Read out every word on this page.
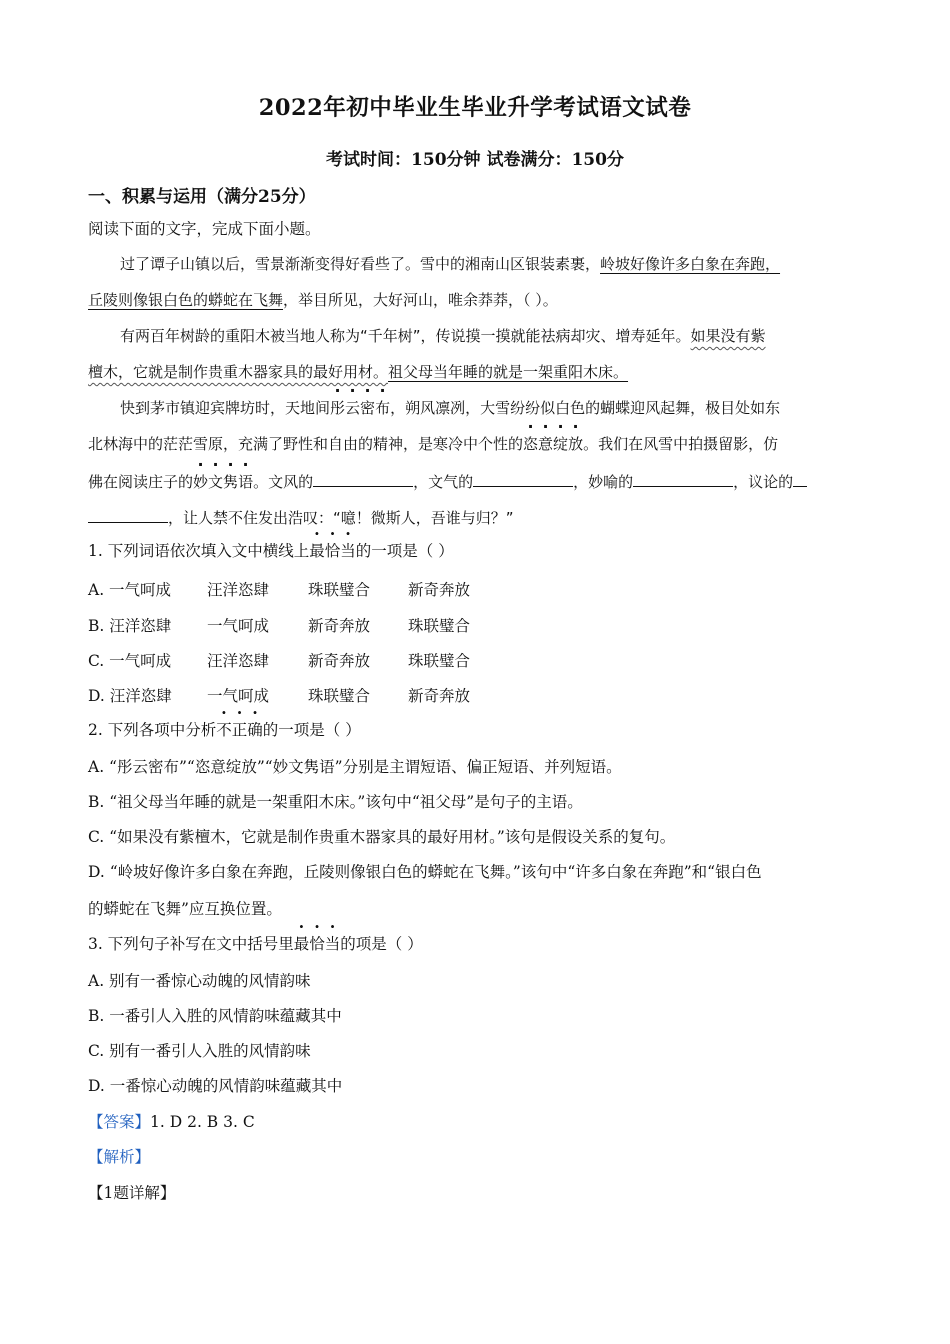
2022年初中毕业生毕业升学考试语文试卷
考试时间：150分钟 试卷满分：150分
一、积累与运用（满分25分）
阅读下面的文字，完成下面小题。
过了谭子山镇以后，雪景渐渐变得好看些了。雪中的湘南山区银装素裹，岭坡好像许多白象在奔跑，
丘陵则像银白色的蟒蛇在飞舞，举目所见，大好河山，唯余莽莽，（ ）。
有两百年树龄的重阳木被当地人称为“千年树”，传说摸一摸就能祛病却灾、增寿延年。如果没有紫
檀木，它就是制作贵重木器家具的最好用材。祖父母当年睡的就是一架重阳木床。
快到茅市镇迎宾牌坊时，天地间彤云密布，朔风凛冽，大雪纷纷似白色的蝴蝶迎风起舞，极目处如东
北林海中的茫茫雪原，充满了野性和自由的精神，是寒冷中个性的恣意绽放。我们在风雪中拍摄留影，仿
佛在阅读庄子的妙文隽语。文风的	，文气的	，妙喻的	，议论的
，让人禁不住发出浩叹：“噫！微斯人，吾谁与归？”
1. 下列词语依次填入文中横线上最恰当的一项是（ ）
A. 一气呵成 汪洋恣肆	珠联璧合 新奇奔放
B. 汪洋恣肆 一气呵成	新奇奔放 珠联璧合
C. 一气呵成 汪洋恣肆	新奇奔放 珠联璧合
D. 汪洋恣肆 一气呵成	珠联璧合 新奇奔放
2. 下列各项中分析不正确的一项是（ ）
A. “彤云密布”“恣意绽放”“妙文隽语”分别是主谓短语、偏正短语、并列短语。
B. “祖父母当年睡的就是一架重阳木床。”该句中“祖父母”是句子的主语。
C. “如果没有紫檀木，它就是制作贵重木器家具的最好用材。”该句是假设关系的复句。
D. “岭坡好像许多白象在奔跑，丘陵则像银白色的蟒蛇在飞舞。”该句中“许多白象在奔跑”和“银白色
的蟒蛇在飞舞”应互换位置。
3. 下列句子补写在文中括号里最恰当的项是（ ）
A. 别有一番惊心动魄的风情韵味
B. 一番引人入胜的风情韵味蕴藏其中
C. 别有一番引人入胜的风情韵味
D. 一番惊心动魄的风情韵味蕴藏其中
【答案】1. D 2. B 3. C
【解析】
【1题详解】
